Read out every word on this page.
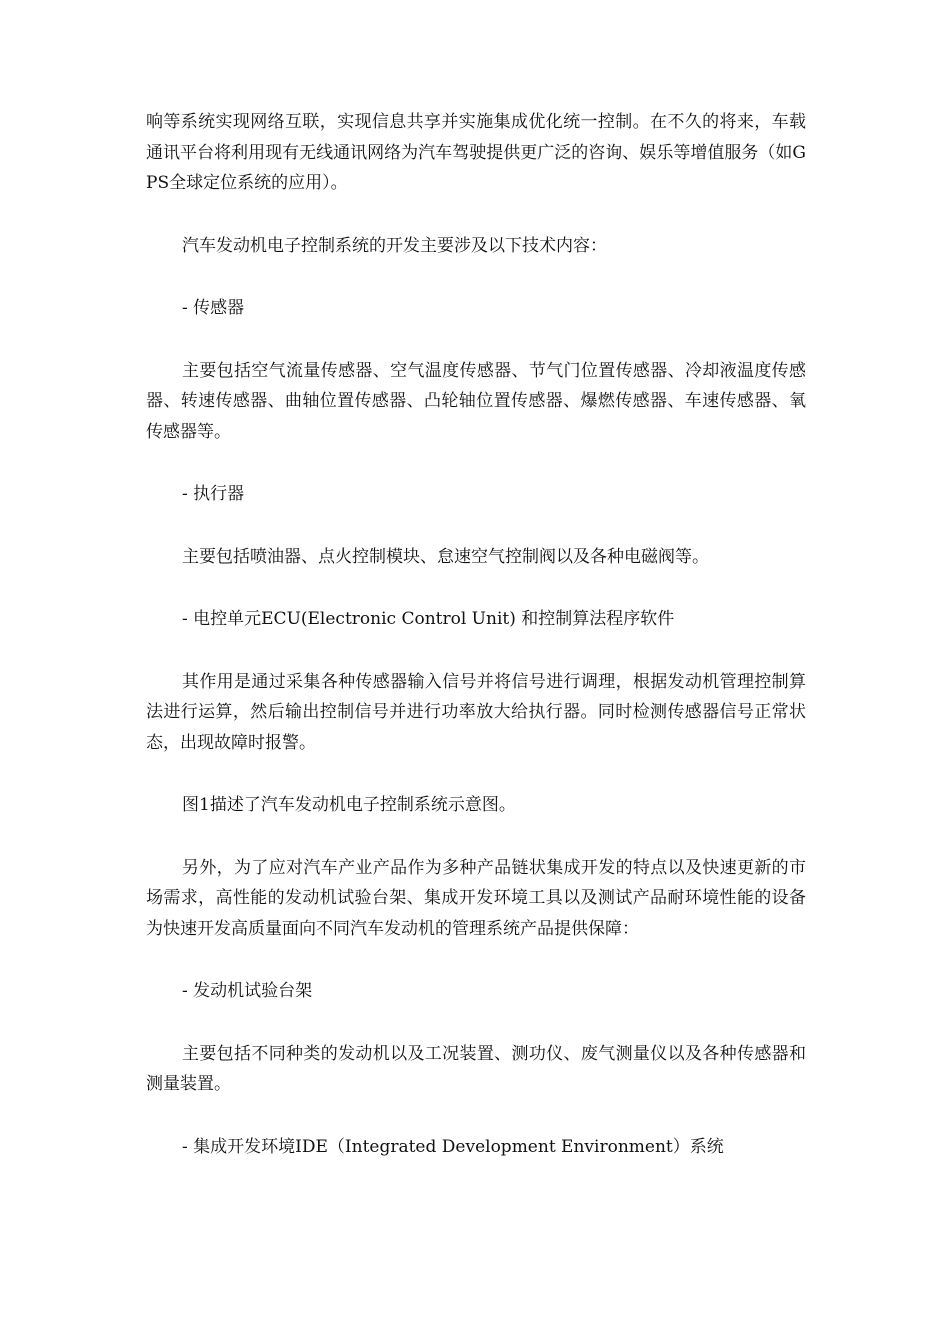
响等系统实现网络互联，实现信息共享并实施集成优化统一控制。在不久的将来，车载通讯平台将利用现有无线通讯网络为汽车驾驶提供更广泛的咨询、娱乐等增值服务（如GPS全球定位系统的应用）。

汽车发动机电子控制系统的开发主要涉及以下技术内容：

- 传感器

主要包括空气流量传感器、空气温度传感器、节气门位置传感器、冷却液温度传感器、转速传感器、曲轴位置传感器、凸轮轴位置传感器、爆燃传感器、车速传感器、氧传感器等。

- 执行器

主要包括喷油器、点火控制模块、怠速空气控制阀以及各种电磁阀等。

- 电控单元ECU(Electronic Control Unit) 和控制算法程序软件

其作用是通过采集各种传感器输入信号并将信号进行调理，根据发动机管理控制算法进行运算，然后输出控制信号并进行功率放大给执行器。同时检测传感器信号正常状态，出现故障时报警。

图1描述了汽车发动机电子控制系统示意图。

另外，为了应对汽车产业产品作为多种产品链状集成开发的特点以及快速更新的市场需求，高性能的发动机试验台架、集成开发环境工具以及测试产品耐环境性能的设备为快速开发高质量面向不同汽车发动机的管理系统产品提供保障：

- 发动机试验台架

主要包括不同种类的发动机以及工况装置、测功仪、废气测量仪以及各种传感器和测量装置。

- 集成开发环境IDE（Integrated Development Environment）系统
